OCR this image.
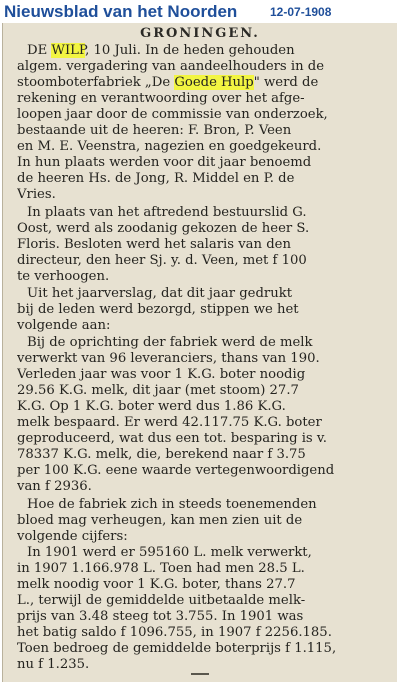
Nieuwsblad van het Noorden	12-07-1908
GRONINGEN.
DE WILP, 10 Juli. In de heden gehouden
algem. vergadering van aandeelhouders in de
stoomboterfabriek „De Goede Hulp" werd de
rekening en verantwoording over het afge-
loopen jaar door de commissie van onderzoek,
bestaande uit de heeren: F. Bron, P. Veen
en M. E. Veenstra, nagezien en goedgekeurd.
In hun plaats werden voor dit jaar benoemd
de heeren Hs. de Jong, R. Middel en P. de
Vries.
In plaats van het aftredend bestuurslid G.
Oost, werd als zoodanig gekozen de heer S.
Floris. Besloten werd het salaris van den
directeur, den heer Sj. y. d. Veen, met f 100
te verhoogen.
Uit het jaarverslag, dat dit jaar gedrukt
bij de leden werd bezorgd, stippen we het
volgende aan:
Bij de oprichting der fabriek werd de melk
verwerkt van 96 leveranciers, thans van 190.
Verleden jaar was voor 1 K.G. boter noodig
29.56 K.G. melk, dit jaar (met stoom) 27.7
K.G. Op 1 K.G. boter werd dus 1.86 K.G.
melk bespaard. Er werd 42.117.75 K.G. boter
geproduceerd, wat dus een tot. besparing is v.
78337 K.G. melk, die, berekend naar f 3.75
per 100 K.G. eene waarde vertegenwoordigend
van f 2936.
Hoe de fabriek zich in steeds toenemenden
bloed mag verheugen, kan men zien uit de
volgende cijfers:
In 1901 werd er 595160 L. melk verwerkt,
in 1907 1.166.978 L. Toen had men 28.5 L.
melk noodig voor 1 K.G. boter, thans 27.7
L., terwijl de gemiddelde uitbetaalde melk-
prijs van 3.48 steeg tot 3.755. In 1901 was
het batig saldo f 1096.755, in 1907 f 2256.185.
Toen bedroeg de gemiddelde boterprijs f 1.115,
nu f 1.235.
